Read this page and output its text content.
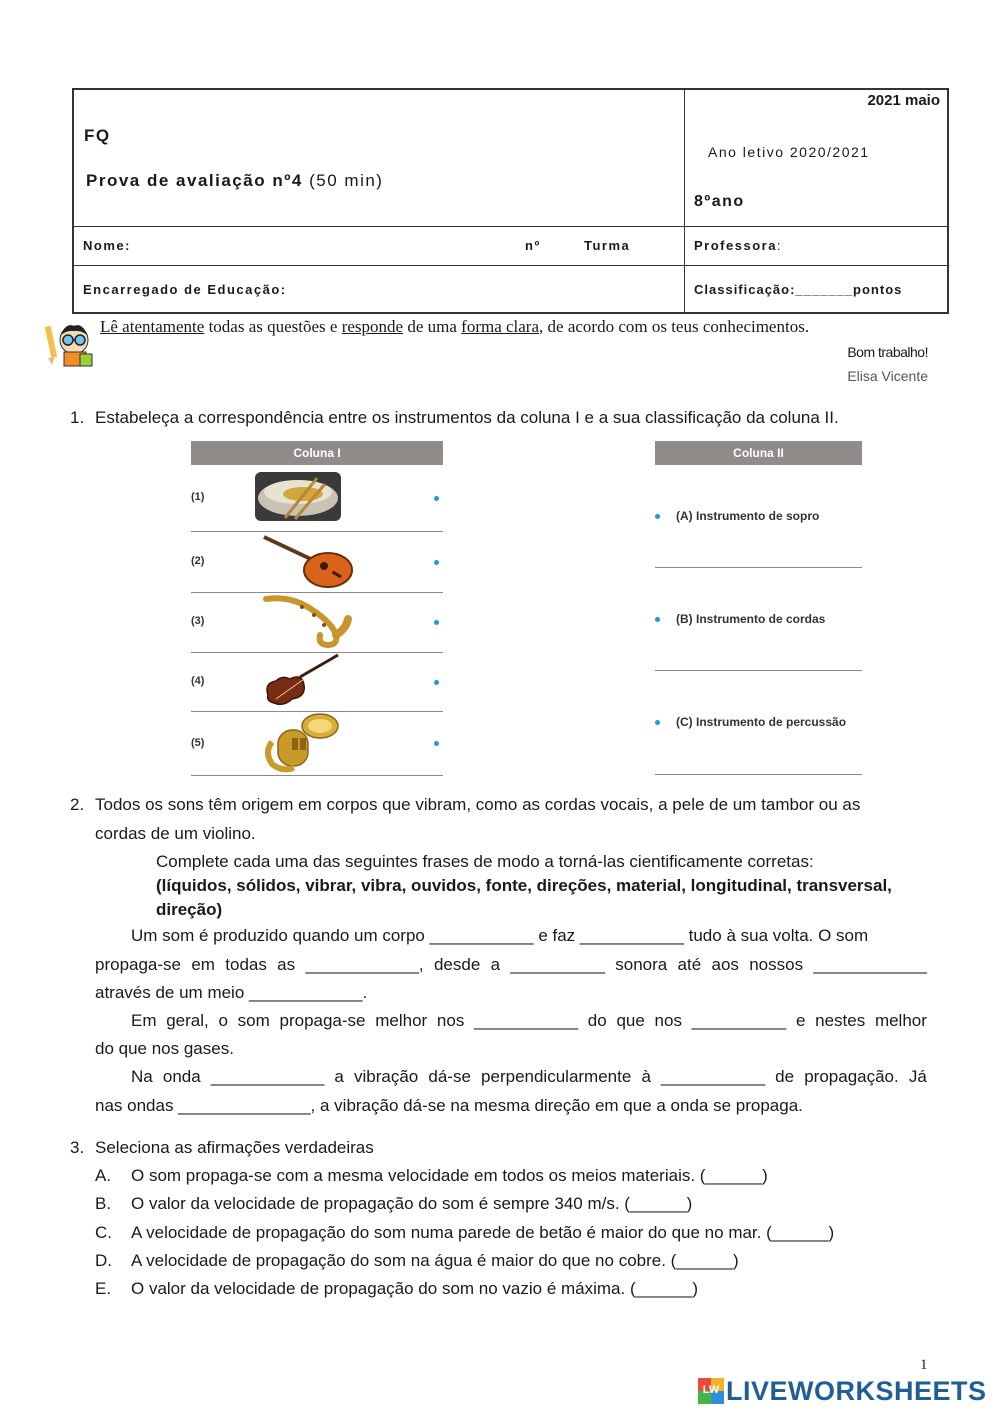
2021 maio
FQ
Prova de avaliação nº4 (50 min)
Ano letivo 2020/2021
8ºano
Nome:	nº	Turma	Professora:
Encarregado de Educação:	Classificação:_______pontos
Lê atentamente todas as questões e responde de uma forma clara, de acordo com os teus conhecimentos.
Bom trabalho!
Elisa Vicente
1. Estabeleça a correspondência entre os instrumentos da coluna I e a sua classificação da coluna II.
Coluna I	Coluna II
(1)
(2)
(3)
(4)
(5)
(A) Instrumento de sopro
(B) Instrumento de cordas
(C) Instrumento de percussão
2. Todos os sons têm origem em corpos que vibram, como as cordas vocais, a pele de um tambor ou as
cordas de um violino.
Complete cada uma das seguintes frases de modo a torná-las cientificamente corretas:
(líquidos, sólidos, vibrar, vibra, ouvidos, fonte, direções, material, longitudinal, transversal,
direção)
Um som é produzido quando um corpo ___________ e faz ___________ tudo à sua volta. O som
propaga-se em todas as ____________, desde a __________ sonora até aos nossos ____________
através de um meio ____________.
Em geral, o som propaga-se melhor nos ___________ do que nos __________ e nestes melhor
do que nos gases.
Na onda ____________ a vibração dá-se perpendicularmente à ___________ de propagação. Já
nas ondas ______________, a vibração dá-se na mesma direção em que a onda se propaga.
3. Seleciona as afirmações verdadeiras
A. O som propaga-se com a mesma velocidade em todos os meios materiais. (______)
B. O valor da velocidade de propagação do som é sempre 340 m/s. (______)
C. A velocidade de propagação do som numa parede de betão é maior do que no mar. (______)
D. A velocidade de propagação do som na água é maior do que no cobre. (______)
E. O valor da velocidade de propagação do som no vazio é máxima. (______)
1
LW LIVEWORKSHEETS
